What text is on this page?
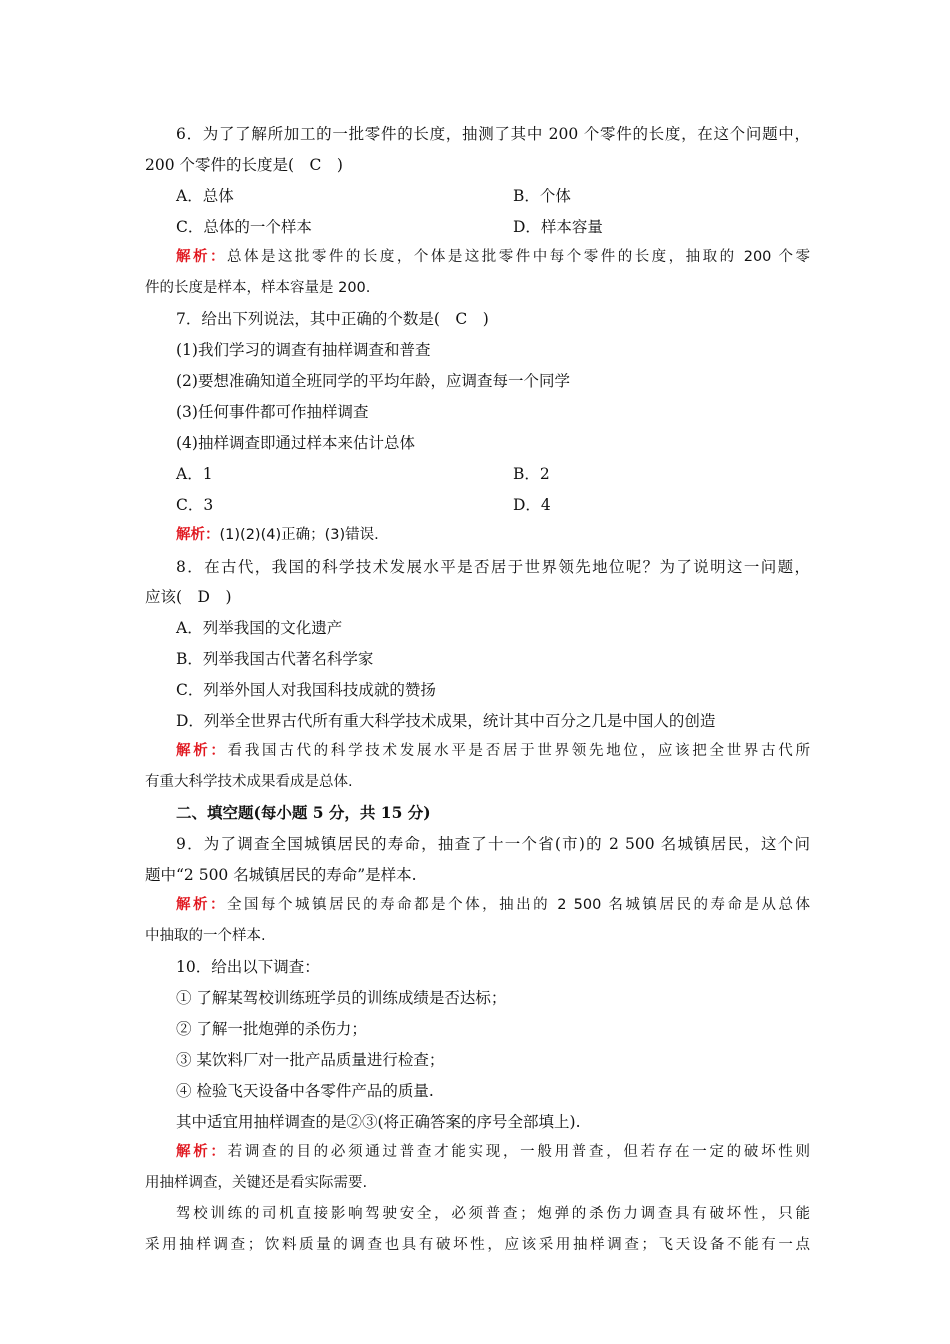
6．为了了解所加工的一批零件的长度，抽测了其中 200 个零件的长度，在这个问题中，
200 个零件的长度是(　C　)
A．总体	B．个体
C．总体的一个样本	D．样本容量
解析：总体是这批零件的长度，个体是这批零件中每个零件的长度，抽取的 200 个零
件的长度是样本，样本容量是 200.
7．给出下列说法，其中正确的个数是(　C　)
(1)我们学习的调查有抽样调查和普查
(2)要想准确知道全班同学的平均年龄，应调查每一个同学
(3)任何事件都可作抽样调查
(4)抽样调查即通过样本来估计总体
A．1	B．2
C．3	D．4
解析：(1)(2)(4)正确；(3)错误.
8．在古代，我国的科学技术发展水平是否居于世界领先地位呢？为了说明这一问题，
应该(　D　)
A．列举我国的文化遗产
B．列举我国古代著名科学家
C．列举外国人对我国科技成就的赞扬
D．列举全世界古代所有重大科学技术成果，统计其中百分之几是中国人的创造
解析：看我国古代的科学技术发展水平是否居于世界领先地位，应该把全世界古代所
有重大科学技术成果看成是总体.
二、填空题(每小题 5 分，共 15 分)
9．为了调查全国城镇居民的寿命，抽查了十一个省(市)的 2 500 名城镇居民，这个问
题中“2 500 名城镇居民的寿命”是样本.
解析：全国每个城镇居民的寿命都是个体，抽出的 2 500 名城镇居民的寿命是从总体
中抽取的一个样本.
10．给出以下调查：
① 了解某驾校训练班学员的训练成绩是否达标；
② 了解一批炮弹的杀伤力；
③ 某饮料厂对一批产品质量进行检查；
④ 检验飞天设备中各零件产品的质量.
其中适宜用抽样调查的是②③(将正确答案的序号全部填上).
解析：若调查的目的必须通过普查才能实现，一般用普查，但若存在一定的破坏性则
用抽样调查，关键还是看实际需要.
驾校训练的司机直接影响驾驶安全，必须普查；炮弹的杀伤力调查具有破坏性，只能
采用抽样调查；饮料质量的调查也具有破坏性，应该采用抽样调查；飞天设备不能有一点
